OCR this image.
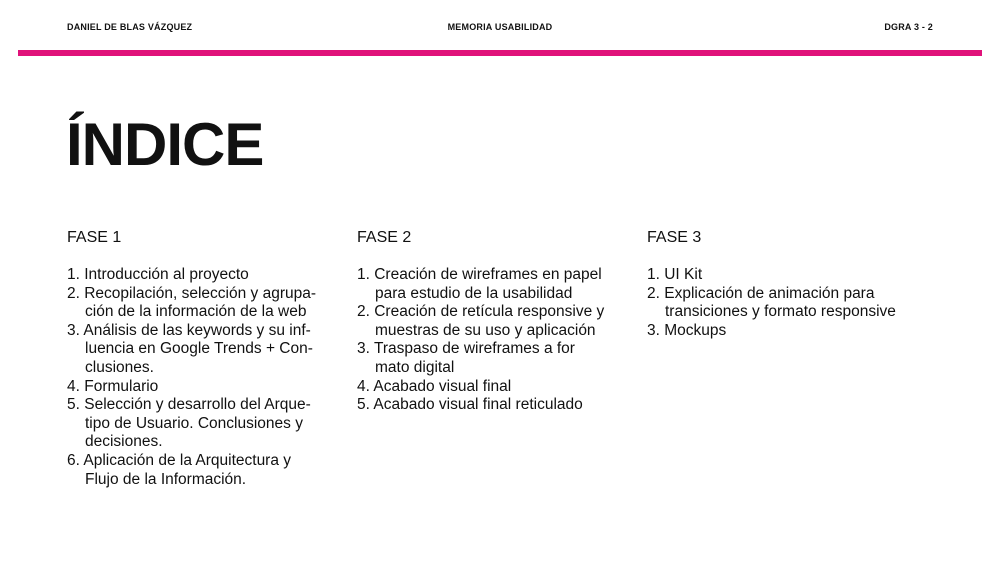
DANIEL DE BLAS VÁZQUEZ	MEMORIA USABILIDAD	DGRA 3 - 2
ÍNDICE
FASE 1
1. Introducción al proyecto
2. Recopilación, selección y agrupa-
ción de la información de la web
3. Análisis de las keywords y su inf-
luencia en Google Trends + Con-
clusiones.
4. Formulario
5. Selección y desarrollo del Arque-
tipo de Usuario. Conclusiones y
decisiones.
6. Aplicación de la Arquitectura y
Flujo de la Información.
FASE 2
1. Creación de wireframes en papel
para estudio de la usabilidad
2. Creación de retícula responsive y
muestras de su uso y aplicación
3. Traspaso de wireframes a for
mato digital
4. Acabado visual final
5. Acabado visual final reticulado
FASE 3
1. UI Kit
2. Explicación de animación para
transiciones y formato responsive
3. Mockups
